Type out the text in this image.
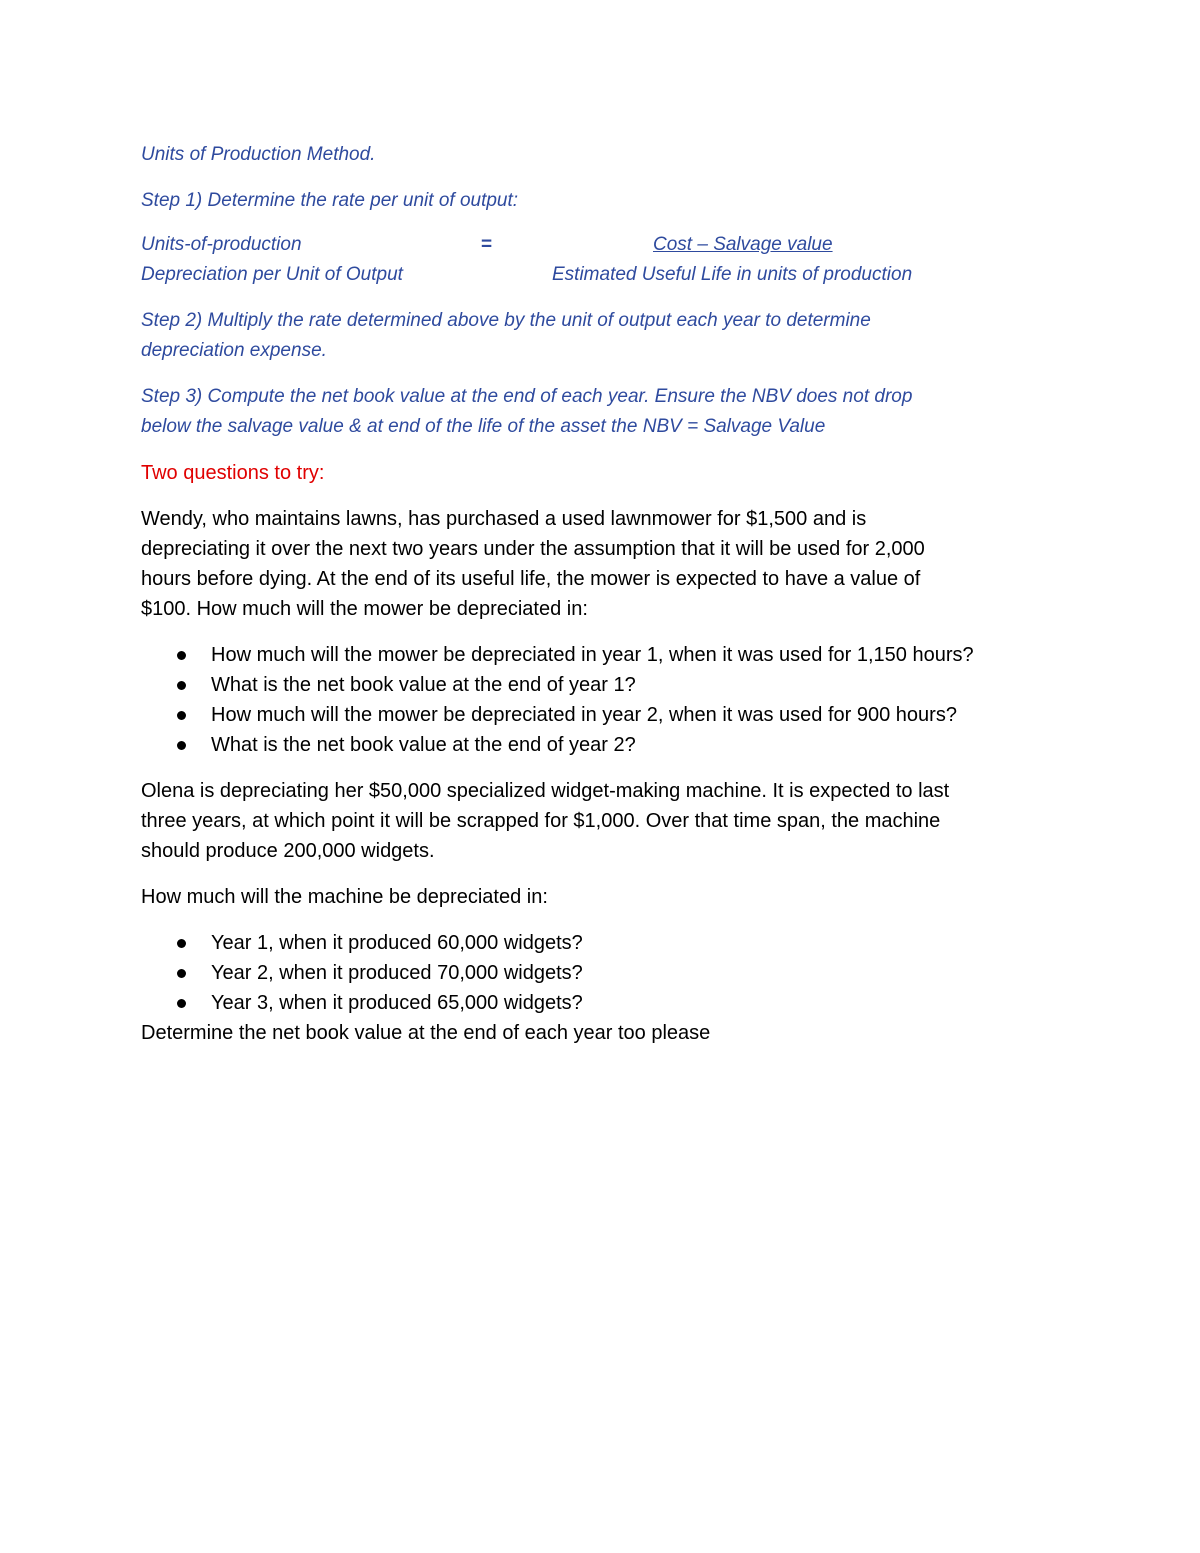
Units of Production Method.

Step 1) Determine the rate per unit of output:

Units-of-production	=	Cost – Salvage value
Depreciation per Unit of Output	Estimated Useful Life in units of production
Step 2) Multiply the rate determined above by the unit of output each year to determine
depreciation expense.
Step 3) Compute the net book value at the end of each year. Ensure the NBV does not drop
below the salvage value & at end of the life of the asset the NBV = Salvage Value

Two questions to try:

Wendy, who maintains lawns, has purchased a used lawnmower for $1,500 and is
depreciating it over the next two years under the assumption that it will be used for 2,000
hours before dying. At the end of its useful life, the mower is expected to have a value of
$100. How much will the mower be depreciated in:
How much will the mower be depreciated in year 1, when it was used for 1,150 hours?
What is the net book value at the end of year 1?
How much will the mower be depreciated in year 2, when it was used for 900 hours?
What is the net book value at the end of year 2?
Olena is depreciating her $50,000 specialized widget-making machine. It is expected to last
three years, at which point it will be scrapped for $1,000. Over that time span, the machine
should produce 200,000 widgets.

How much will the machine be depreciated in:

Year 1, when it produced 60,000 widgets?
Year 2, when it produced 70,000 widgets?
Year 3, when it produced 65,000 widgets?

Determine the net book value at the end of each year too please
